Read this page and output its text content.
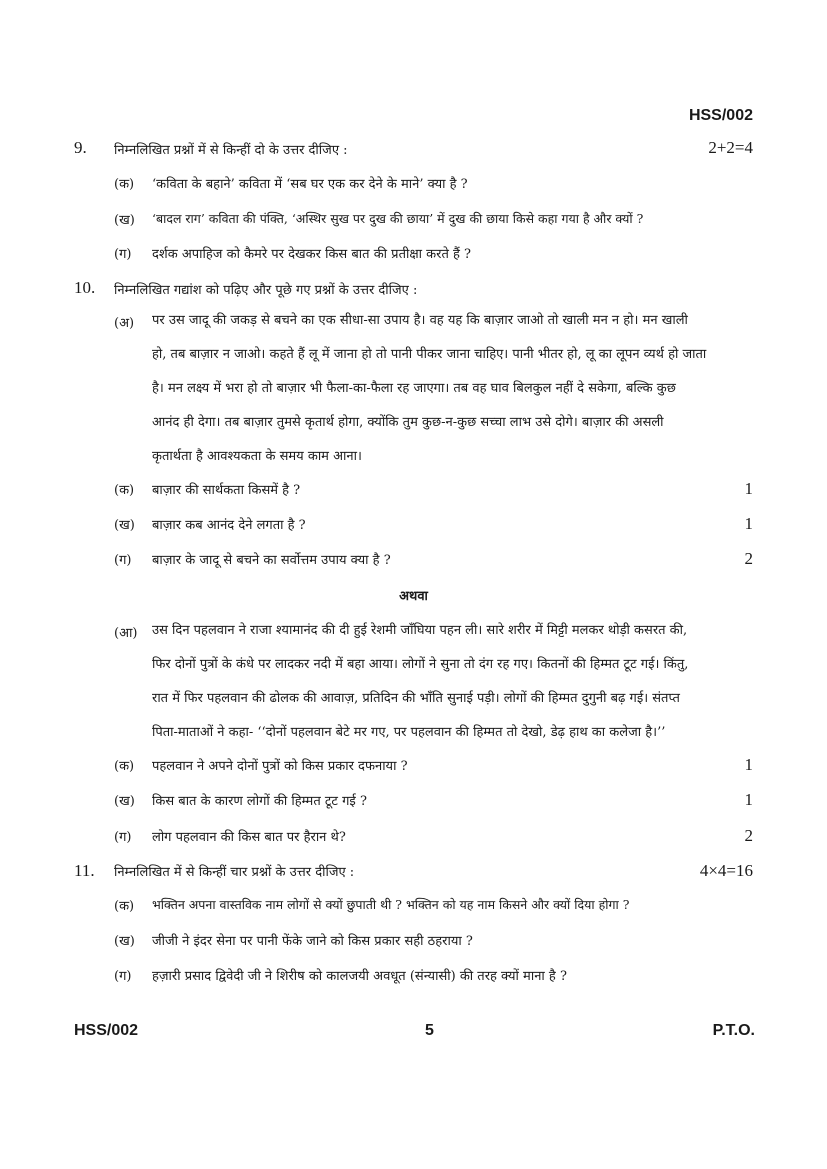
HSS/002
9. निम्नलिखित प्रश्नों में से किन्हीं दो के उत्तर दीजिए :	2+2=4
(क) ‘कविता के बहाने’ कविता में ‘सब घर एक कर देने के माने’ क्या है ?
(ख) ‘बादल राग’ कविता की पंक्ति, ‘अस्थिर सुख पर दुख की छाया’ में दुख की छाया किसे कहा गया है और क्यों ?
(ग) दर्शक अपाहिज को कैमरे पर देखकर किस बात की प्रतीक्षा करते हैं ?
10. निम्नलिखित गद्यांश को पढ़िए और पूछे गए प्रश्नों के उत्तर दीजिए :
(अ) पर उस जादू की जकड़ से बचने का एक सीधा-सा उपाय है। वह यह कि बाज़ार जाओ तो खाली मन न हो। मन खाली
हो, तब बाज़ार न जाओ। कहते हैं लू में जाना हो तो पानी पीकर जाना चाहिए। पानी भीतर हो, लू का लूपन व्यर्थ हो जाता
है। मन लक्ष्य में भरा हो तो बाज़ार भी फैला-का-फैला रह जाएगा। तब वह घाव बिलकुल नहीं दे सकेगा, बल्कि कुछ
आनंद ही देगा। तब बाज़ार तुमसे कृतार्थ होगा, क्योंकि तुम कुछ-न-कुछ सच्चा लाभ उसे दोगे। बाज़ार की असली
कृतार्थता है आवश्यकता के समय काम आना।
(क) बाज़ार की सार्थकता किसमें है ?	1
(ख) बाज़ार कब आनंद देने लगता है ?	1
(ग) बाज़ार के जादू से बचने का सर्वोत्तम उपाय क्या है ?	2
अथवा
(आ) उस दिन पहलवान ने राजा श्यामानंद की दी हुई रेशमी जाँघिया पहन ली। सारे शरीर में मिट्टी मलकर थोड़ी कसरत की,
फिर दोनों पुत्रों के कंधे पर लादकर नदी में बहा आया। लोगों ने सुना तो दंग रह गए। कितनों की हिम्मत टूट गई। किंतु,
रात में फिर पहलवान की ढोलक की आवाज़, प्रतिदिन की भाँति सुनाई पड़ी। लोगों की हिम्मत दुगुनी बढ़ गई। संतप्त
पिता-माताओं ने कहा- ‘‘दोनों पहलवान बेटे मर गए, पर पहलवान की हिम्मत तो देखो, डेढ़ हाथ का कलेजा है।’’
(क) पहलवान ने अपने दोनों पुत्रों को किस प्रकार दफनाया ?	1
(ख) किस बात के कारण लोगों की हिम्मत टूट गई ?	1
(ग) लोग पहलवान की किस बात पर हैरान थे?	2
11. निम्नलिखित में से किन्हीं चार प्रश्नों के उत्तर दीजिए :	4×4=16
(क) भक्तिन अपना वास्तविक नाम लोगों से क्यों छुपाती थी ? भक्तिन को यह नाम किसने और क्यों दिया होगा ?
(ख) जीजी ने इंदर सेना पर पानी फेंके जाने को किस प्रकार सही ठहराया ?
(ग) हज़ारी प्रसाद द्विवेदी जी ने शिरीष को कालजयी अवधूत (संन्यासी) की तरह क्यों माना है ?
HSS/002	5	P.T.O.
